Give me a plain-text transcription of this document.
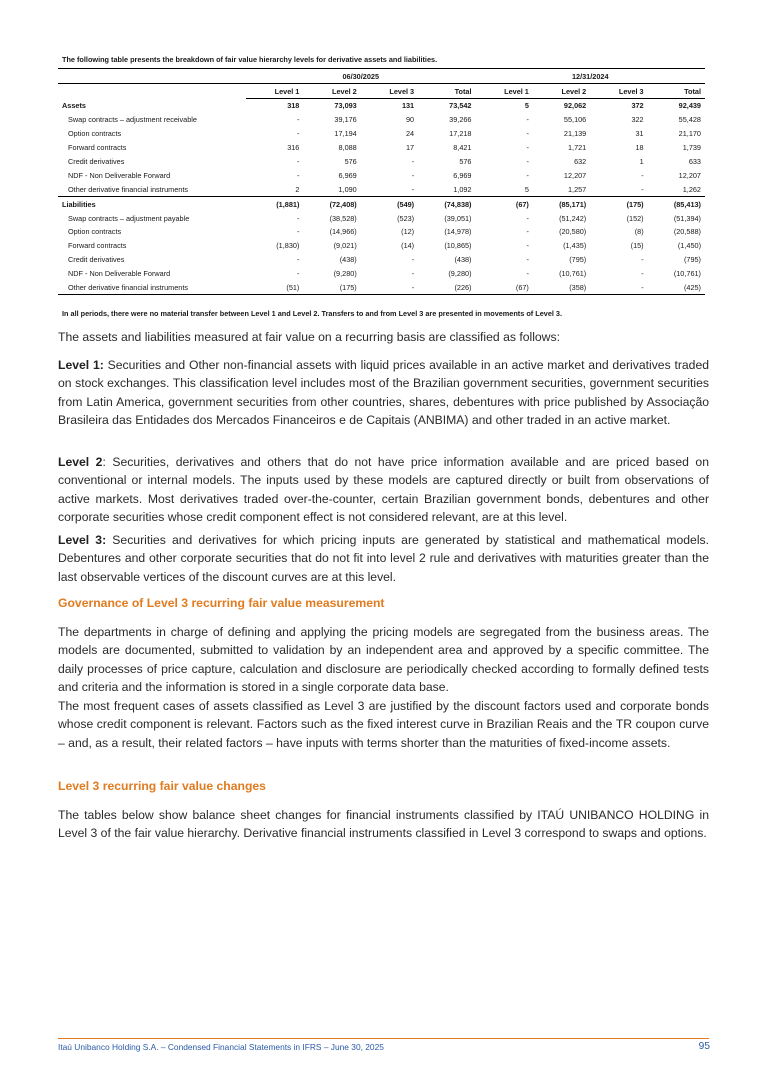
The following table presents the breakdown of fair value hierarchy levels for derivative assets and liabilities.
	06/30/2025				12/31/2024			
	Level 1	Level 2	Level 3	Total	Level 1	Level 2	Level 3	Total
Assets	318	73,093	131	73,542	5	92,062	372	92,439
Swap contracts – adjustment receivable	-	39,176	90	39,266	-	55,106	322	55,428
Option contracts	-	17,194	24	17,218	-	21,139	31	21,170
Forward contracts	316	8,088	17	8,421	-	1,721	18	1,739
Credit derivatives	-	576	-	576	-	632	1	633
NDF - Non Deliverable Forward	-	6,969	-	6,969	-	12,207	-	12,207
Other derivative financial instruments	2	1,090	-	1,092	5	1,257	-	1,262
Liabilities	(1,881)	(72,408)	(549)	(74,838)	(67)	(85,171)	(175)	(85,413)
Swap contracts – adjustment payable	-	(38,528)	(523)	(39,051)	-	(51,242)	(152)	(51,394)
Option contracts	-	(14,966)	(12)	(14,978)	-	(20,580)	(8)	(20,588)
Forward contracts	(1,830)	(9,021)	(14)	(10,865)	-	(1,435)	(15)	(1,450)
Credit derivatives	-	(438)	-	(438)	-	(795)	-	(795)
NDF - Non Deliverable Forward	-	(9,280)	-	(9,280)	-	(10,761)	-	(10,761)
Other derivative financial instruments	(51)	(175)	-	(226)	(67)	(358)	-	(425)
In all periods, there were no material transfer between Level 1 and Level 2. Transfers to and from Level 3 are presented in movements of Level 3.
The assets and liabilities measured at fair value on a recurring basis are classified as follows:
Level 1: Securities and Other non-financial assets with liquid prices available in an active market and derivatives traded on stock exchanges. This classification level includes most of the Brazilian government securities, government securities from Latin America, government securities from other countries, shares, debentures with price published by Associação Brasileira das Entidades dos Mercados Financeiros e de Capitais (ANBIMA) and other traded in an active market.
Level 2: Securities, derivatives and others that do not have price information available and are priced based on conventional or internal models. The inputs used by these models are captured directly or built from observations of active markets. Most derivatives traded over-the-counter, certain Brazilian government bonds, debentures and other corporate securities whose credit component effect is not considered relevant, are at this level.
Level 3: Securities and derivatives for which pricing inputs are generated by statistical and mathematical models. Debentures and other corporate securities that do not fit into level 2 rule and derivatives with maturities greater than the last observable vertices of the discount curves are at this level.
Governance of Level 3 recurring fair value measurement
The departments in charge of defining and applying the pricing models are segregated from the business areas. The models are documented, submitted to validation by an independent area and approved by a specific committee. The daily processes of price capture, calculation and disclosure are periodically checked according to formally defined tests and criteria and the information is stored in a single corporate data base.
The most frequent cases of assets classified as Level 3 are justified by the discount factors used and corporate bonds whose credit component is relevant. Factors such as the fixed interest curve in Brazilian Reais and the TR coupon curve – and, as a result, their related factors – have inputs with terms shorter than the maturities of fixed-income assets.
Level 3 recurring fair value changes
The tables below show balance sheet changes for financial instruments classified by ITAÚ UNIBANCO HOLDING in Level 3 of the fair value hierarchy. Derivative financial instruments classified in Level 3 correspond to swaps and options.
Itaú Unibanco Holding S.A. – Condensed Financial Statements in IFRS – June 30, 2025	95
